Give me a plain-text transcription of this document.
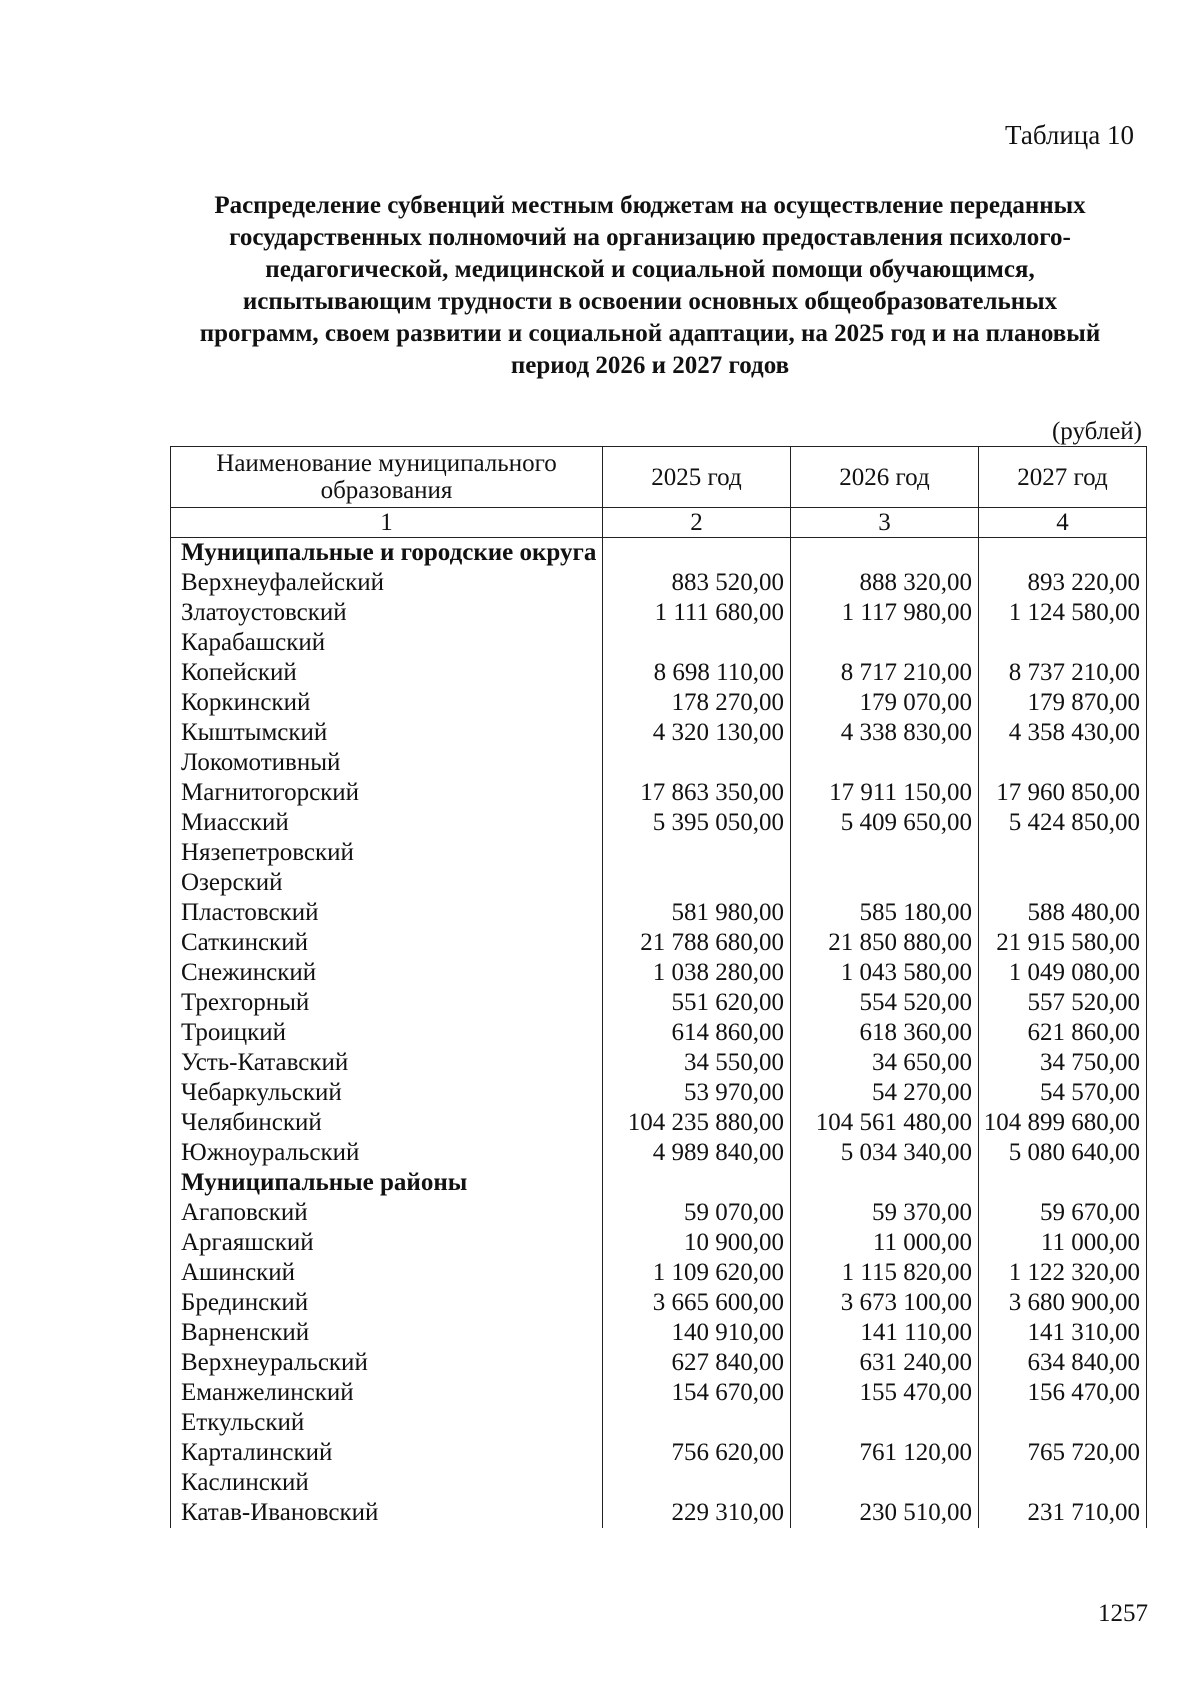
Таблица 10
Распределение субвенций местным бюджетам на осуществление переданных
государственных полномочий на организацию предоставления психолого-
педагогической, медицинской и социальной помощи обучающимся,
испытывающим трудности в освоении основных общеобразовательных
программ, своем развитии и социальной адаптации, на 2025 год и на плановый
период 2026 и 2027 годов
(рублей)
Наименование муниципального образования	2025 год	2026 год	2027 год
1	2	3	4
Муниципальные и городские округа			
Верхнеуфалейский	883 520,00	888 320,00	893 220,00
Златоустовский	1 111 680,00	1 117 980,00	1 124 580,00
Карабашский			
Копейский	8 698 110,00	8 717 210,00	8 737 210,00
Коркинский	178 270,00	179 070,00	179 870,00
Кыштымский	4 320 130,00	4 338 830,00	4 358 430,00
Локомотивный			
Магнитогорский	17 863 350,00	17 911 150,00	17 960 850,00
Миасский	5 395 050,00	5 409 650,00	5 424 850,00
Нязепетровский			
Озерский			
Пластовский	581 980,00	585 180,00	588 480,00
Саткинский	21 788 680,00	21 850 880,00	21 915 580,00
Снежинский	1 038 280,00	1 043 580,00	1 049 080,00
Трехгорный	551 620,00	554 520,00	557 520,00
Троицкий	614 860,00	618 360,00	621 860,00
Усть-Катавский	34 550,00	34 650,00	34 750,00
Чебаркульский	53 970,00	54 270,00	54 570,00
Челябинский	104 235 880,00	104 561 480,00	104 899 680,00
Южноуральский	4 989 840,00	5 034 340,00	5 080 640,00
Муниципальные районы			
Агаповский	59 070,00	59 370,00	59 670,00
Аргаяшский	10 900,00	11 000,00	11 000,00
Ашинский	1 109 620,00	1 115 820,00	1 122 320,00
Брединский	3 665 600,00	3 673 100,00	3 680 900,00
Варненский	140 910,00	141 110,00	141 310,00
Верхнеуральский	627 840,00	631 240,00	634 840,00
Еманжелинский	154 670,00	155 470,00	156 470,00
Еткульский			
Карталинский	756 620,00	761 120,00	765 720,00
Каслинский			
Катав-Ивановский	229 310,00	230 510,00	231 710,00
1257
